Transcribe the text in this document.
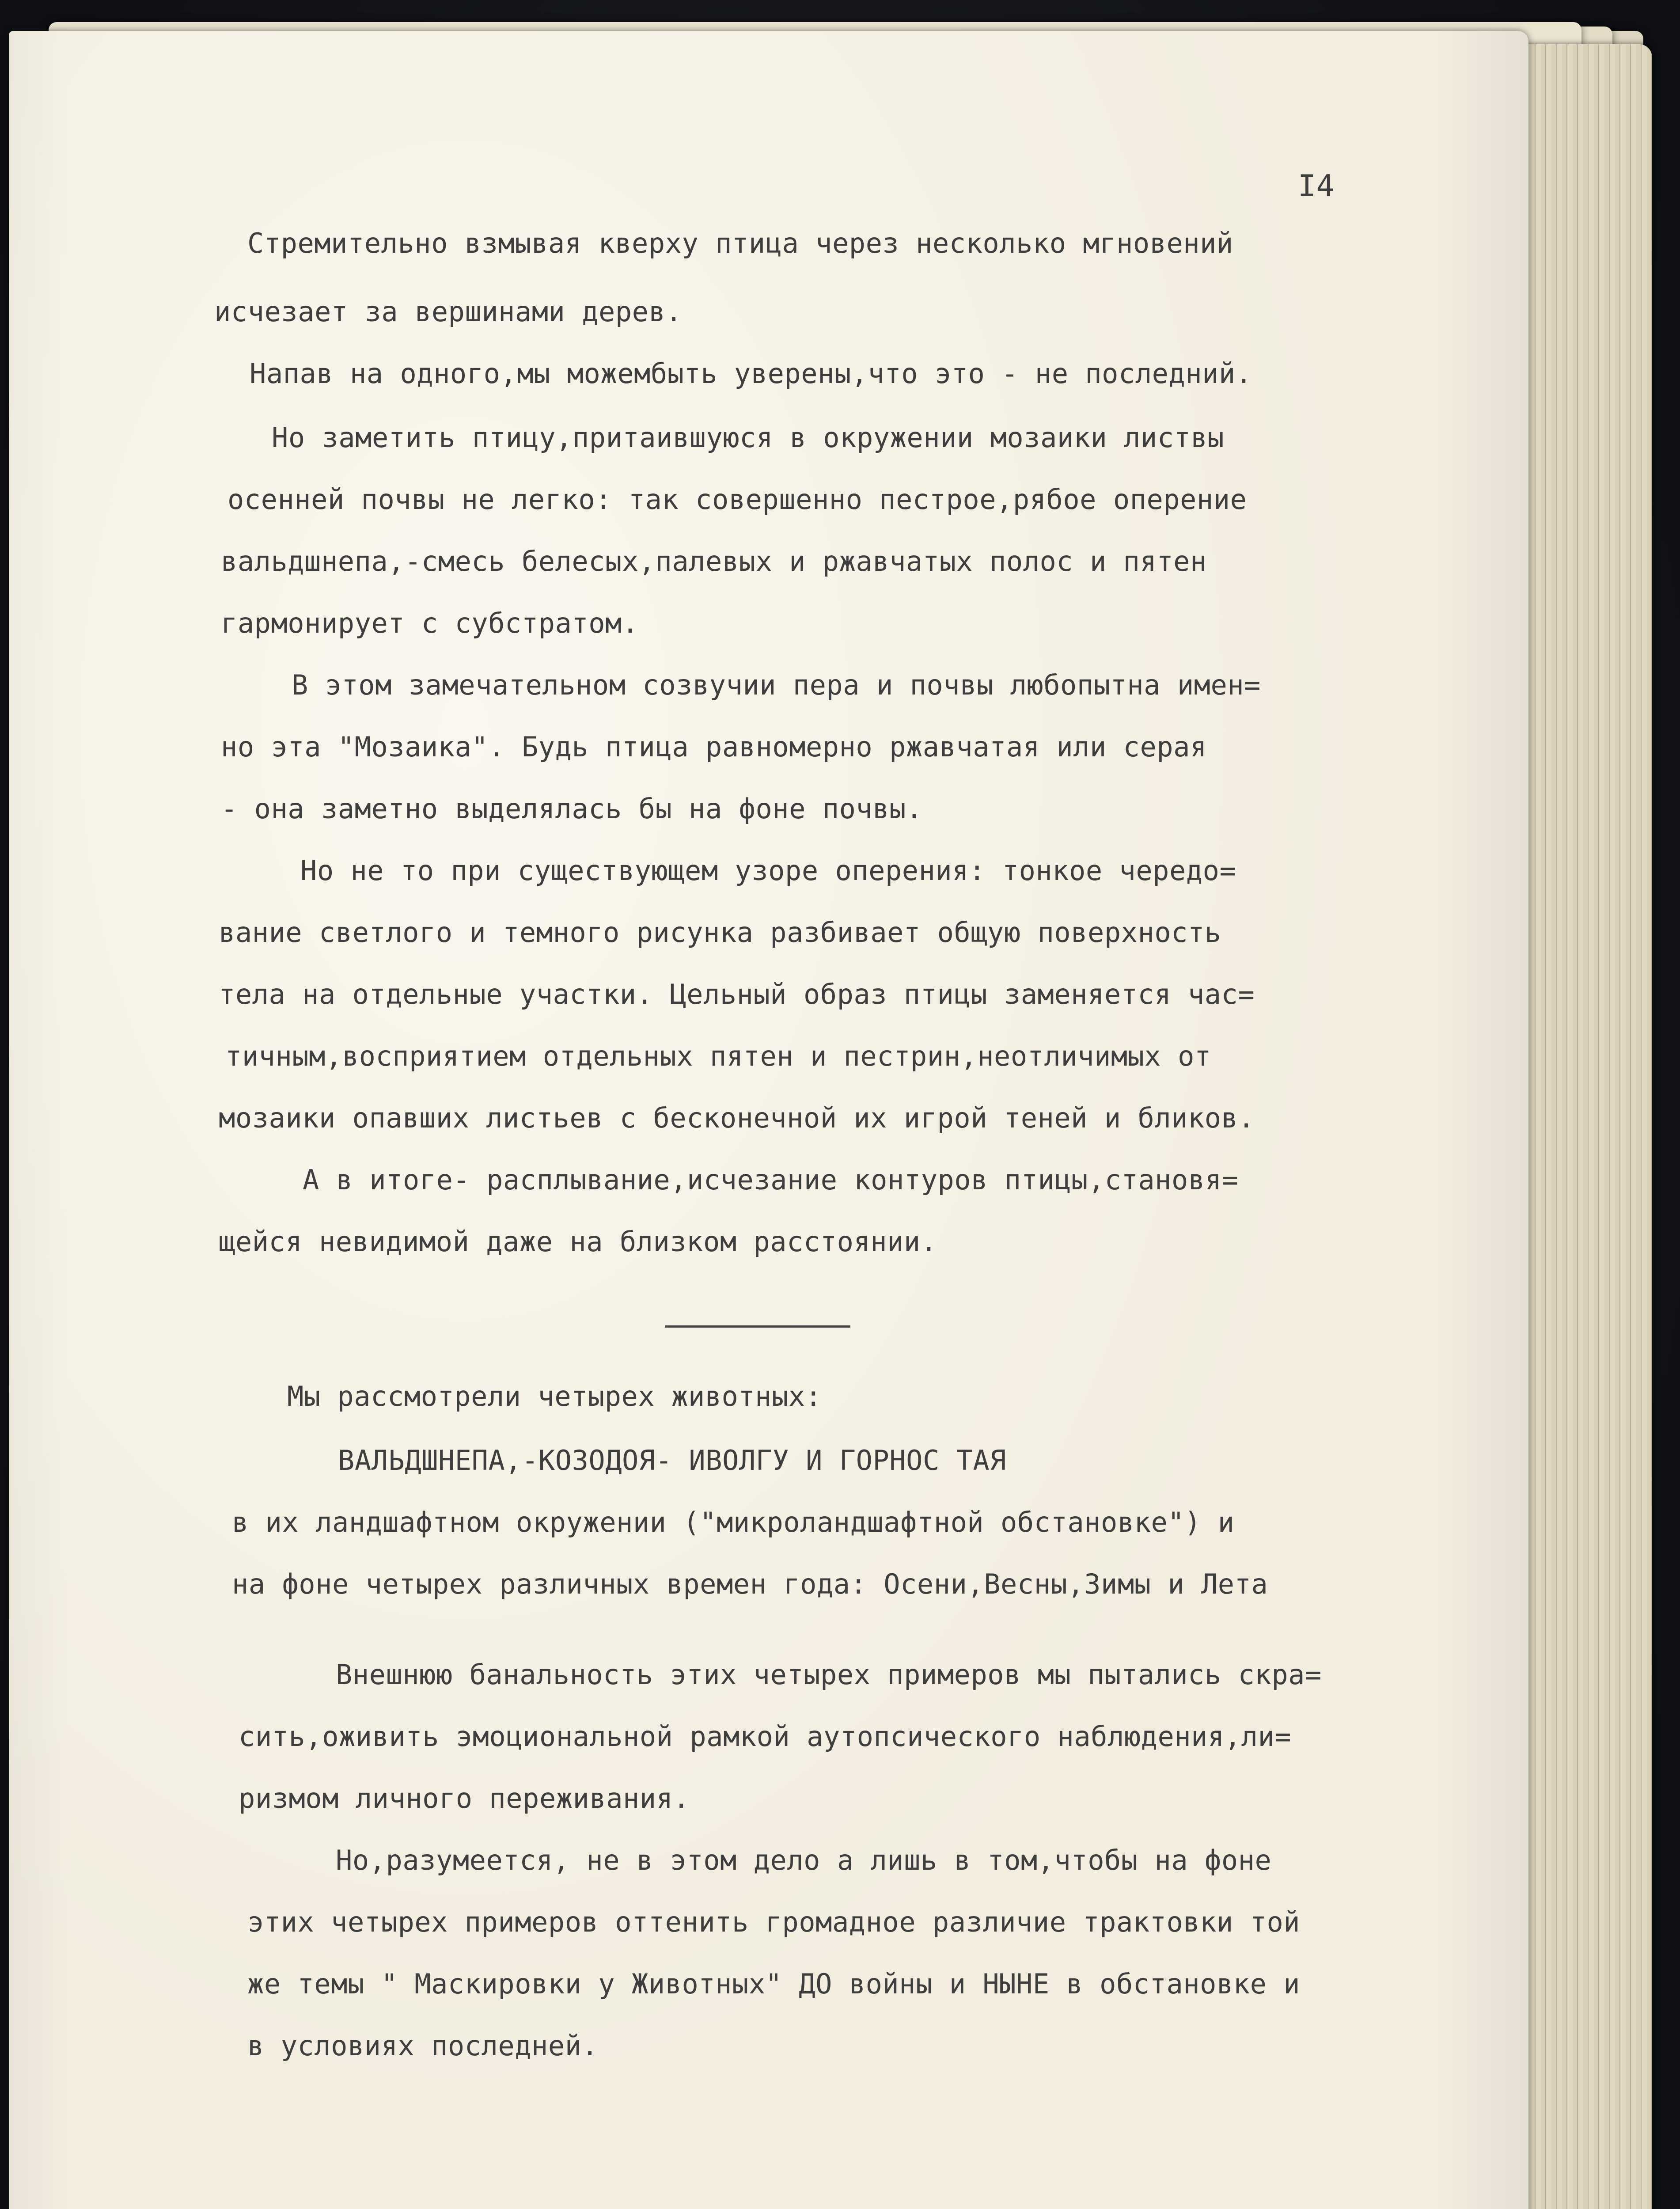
I4
Стремительно взмывая кверху птица через несколько мгновений
исчезает за вершинами дерев.
Напав на одного,мы можембыть уверены,что это - не последний.
Но заметить птицу,притаившуюся в окружении мозаики листвы
осенней почвы не легко: так совершенно пестрое,рябое оперение
вальдшнепа,-смесь белесых,палевых и ржавчатых полос и пятен
гармонирует с субстратом.
В этом замечательном созвучии пера и почвы любопытна имен=
но эта "Мозаика". Будь птица равномерно ржавчатая или серая
- она заметно выделялась бы на фоне почвы.
Но не то при существующем узоре оперения: тонкое чередо=
вание светлого и темного рисунка разбивает общую поверхность
тела на отдельные участки. Цельный образ птицы заменяется час=
тичным,восприятием отдельных пятен и пестрин,неотличимых от
мозаики опавших листьев с бесконечной их игрой теней и бликов.
А в итоге- расплывание,исчезание контуров птицы,становя=
щейся невидимой даже на близком расстоянии.
Мы рассмотрели четырех животных:
ВАЛЬДШНЕПА,-КОЗОДОЯ- ИВОЛГУ И ГОРНОС ТАЯ
в их ландшафтном окружении ("микроландшафтной обстановке") и
на фоне четырех различных времен года: Осени,Весны,Зимы и Лета
Внешнюю банальность этих четырех примеров мы пытались скра=
сить,оживить эмоциональной рамкой аутопсического наблюдения,ли=
ризмом личного переживания.
Но,разумеется, не в этом дело а лишь в том,чтобы на фоне
этих четырех примеров оттенить громадное различие трактовки той
же темы " Маскировки у Животных" ДО войны и НЫНЕ в обстановке и
в условиях последней.
